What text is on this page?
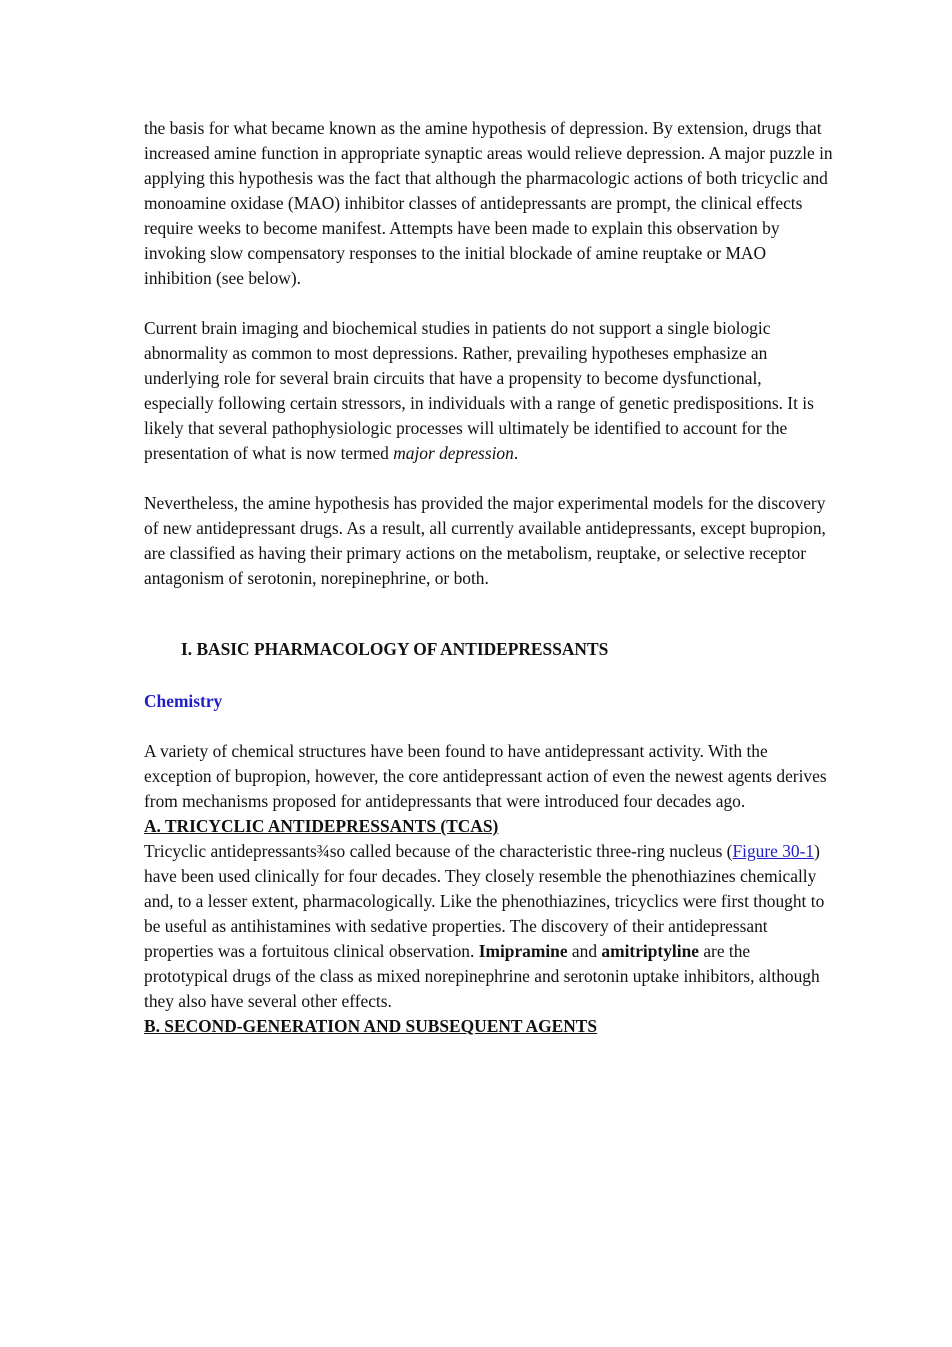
the basis for what became known as the amine hypothesis of depression. By extension, drugs that increased amine function in appropriate synaptic areas would relieve depression. A major puzzle in applying this hypothesis was the fact that although the pharmacologic actions of both tricyclic and monoamine oxidase (MAO) inhibitor classes of antidepressants are prompt, the clinical effects require weeks to become manifest. Attempts have been made to explain this observation by invoking slow compensatory responses to the initial blockade of amine reuptake or MAO inhibition (see below).

Current brain imaging and biochemical studies in patients do not support a single biologic abnormality as common to most depressions. Rather, prevailing hypotheses emphasize an underlying role for several brain circuits that have a propensity to become dysfunctional, especially following certain stressors, in individuals with a range of genetic predispositions. It is likely that several pathophysiologic processes will ultimately be identified to account for the presentation of what is now termed major depression.

Nevertheless, the amine hypothesis has provided the major experimental models for the discovery of new antidepressant drugs. As a result, all currently available antidepressants, except bupropion, are classified as having their primary actions on the metabolism, reuptake, or selective receptor antagonism of serotonin, norepinephrine, or both.

I. BASIC PHARMACOLOGY OF ANTIDEPRESSANTS
Chemistry

A variety of chemical structures have been found to have antidepressant activity. With the exception of bupropion, however, the core antidepressant action of even the newest agents derives from mechanisms proposed for antidepressants that were introduced four decades ago.

A. TRICYCLIC ANTIDEPRESSANTS (TCAS)

Tricyclic antidepressants¾so called because of the characteristic three-ring nucleus (Figure 30-1) have been used clinically for four decades. They closely resemble the phenothiazines chemically and, to a lesser extent, pharmacologically. Like the phenothiazines, tricyclics were first thought to be useful as antihistamines with sedative properties. The discovery of their antidepressant properties was a fortuitous clinical observation. Imipramine and amitriptyline are the prototypical drugs of the class as mixed norepinephrine and serotonin uptake inhibitors, although they also have several other effects.

B. SECOND-GENERATION AND SUBSEQUENT AGENTS
